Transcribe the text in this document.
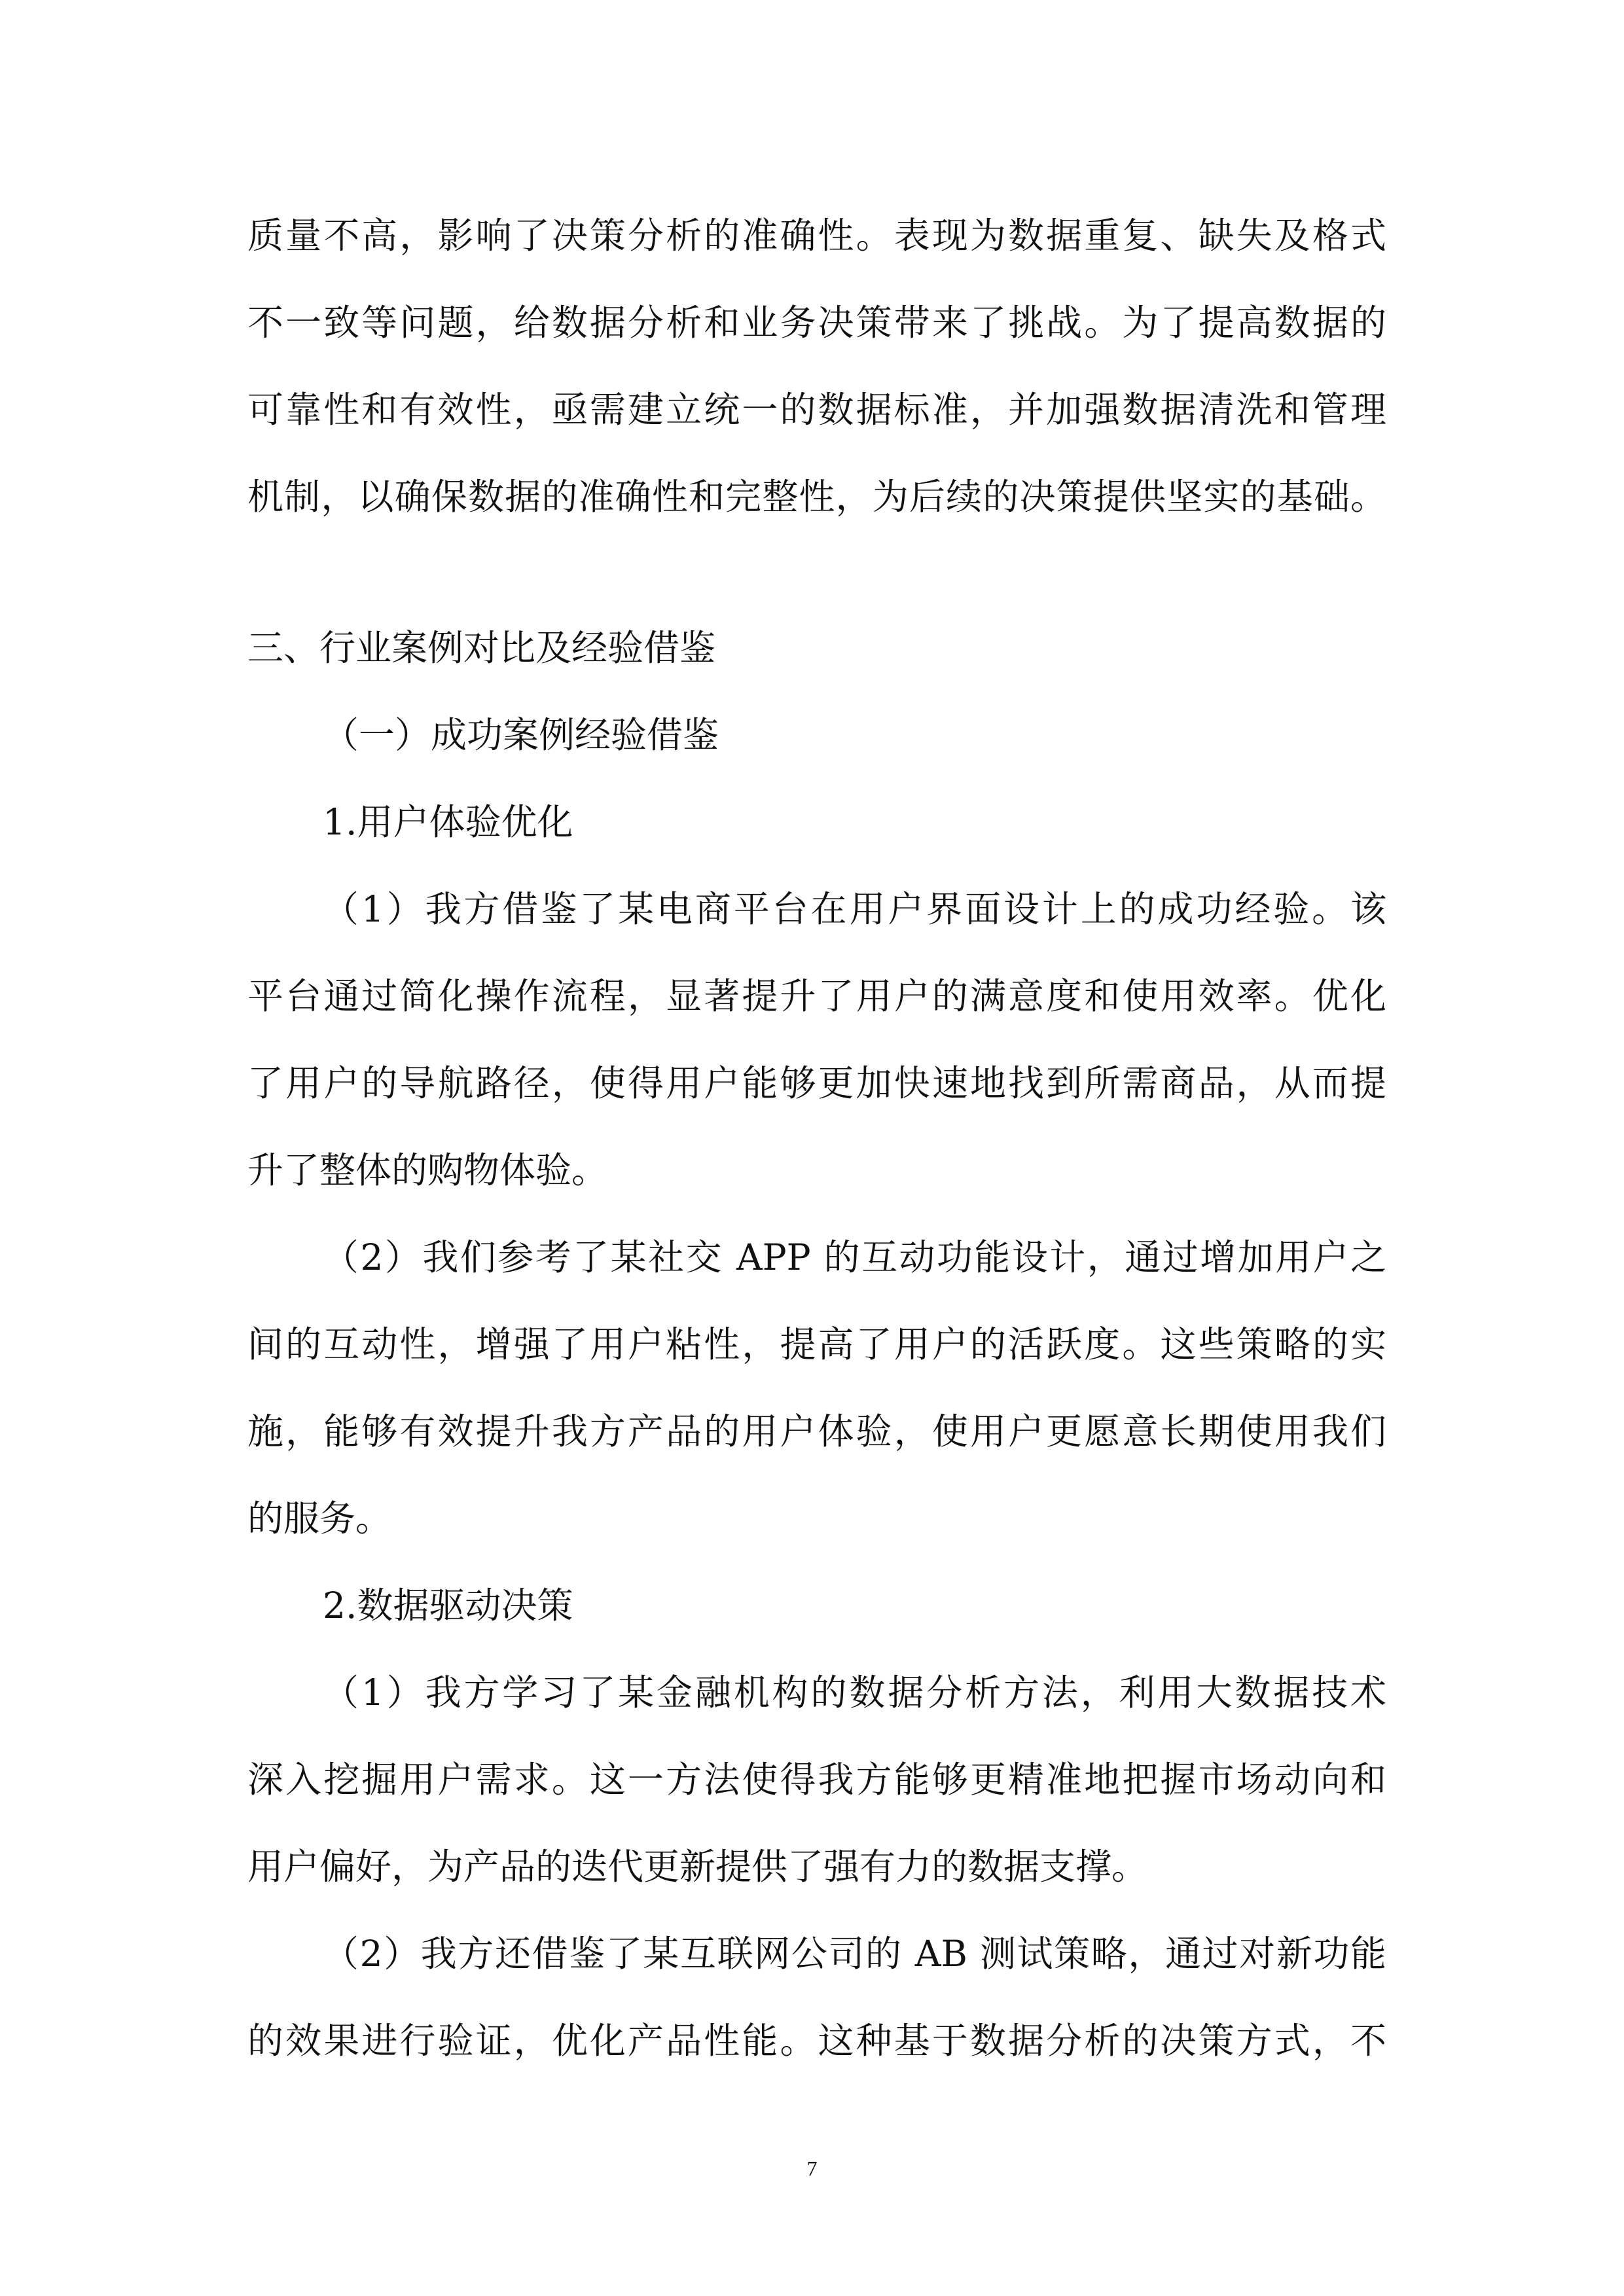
质量不高，影响了决策分析的准确性。表现为数据重复、缺失及格式
不一致等问题，给数据分析和业务决策带来了挑战。为了提高数据的
可靠性和有效性，亟需建立统一的数据标准，并加强数据清洗和管理
机制，以确保数据的准确性和完整性，为后续的决策提供坚实的基础。
三、行业案例对比及经验借鉴
（一）成功案例经验借鉴
1.用户体验优化
（1）我方借鉴了某电商平台在用户界面设计上的成功经验。该
平台通过简化操作流程，显著提升了用户的满意度和使用效率。优化
了用户的导航路径，使得用户能够更加快速地找到所需商品，从而提
升了整体的购物体验。
（2）我们参考了某社交 APP 的互动功能设计，通过增加用户之
间的互动性，增强了用户粘性，提高了用户的活跃度。这些策略的实
施，能够有效提升我方产品的用户体验，使用户更愿意长期使用我们
的服务。
2.数据驱动决策
（1）我方学习了某金融机构的数据分析方法，利用大数据技术
深入挖掘用户需求。这一方法使得我方能够更精准地把握市场动向和
用户偏好，为产品的迭代更新提供了强有力的数据支撑。
（2）我方还借鉴了某互联网公司的 AB 测试策略，通过对新功能
的效果进行验证，优化产品性能。这种基于数据分析的决策方式，不
7
